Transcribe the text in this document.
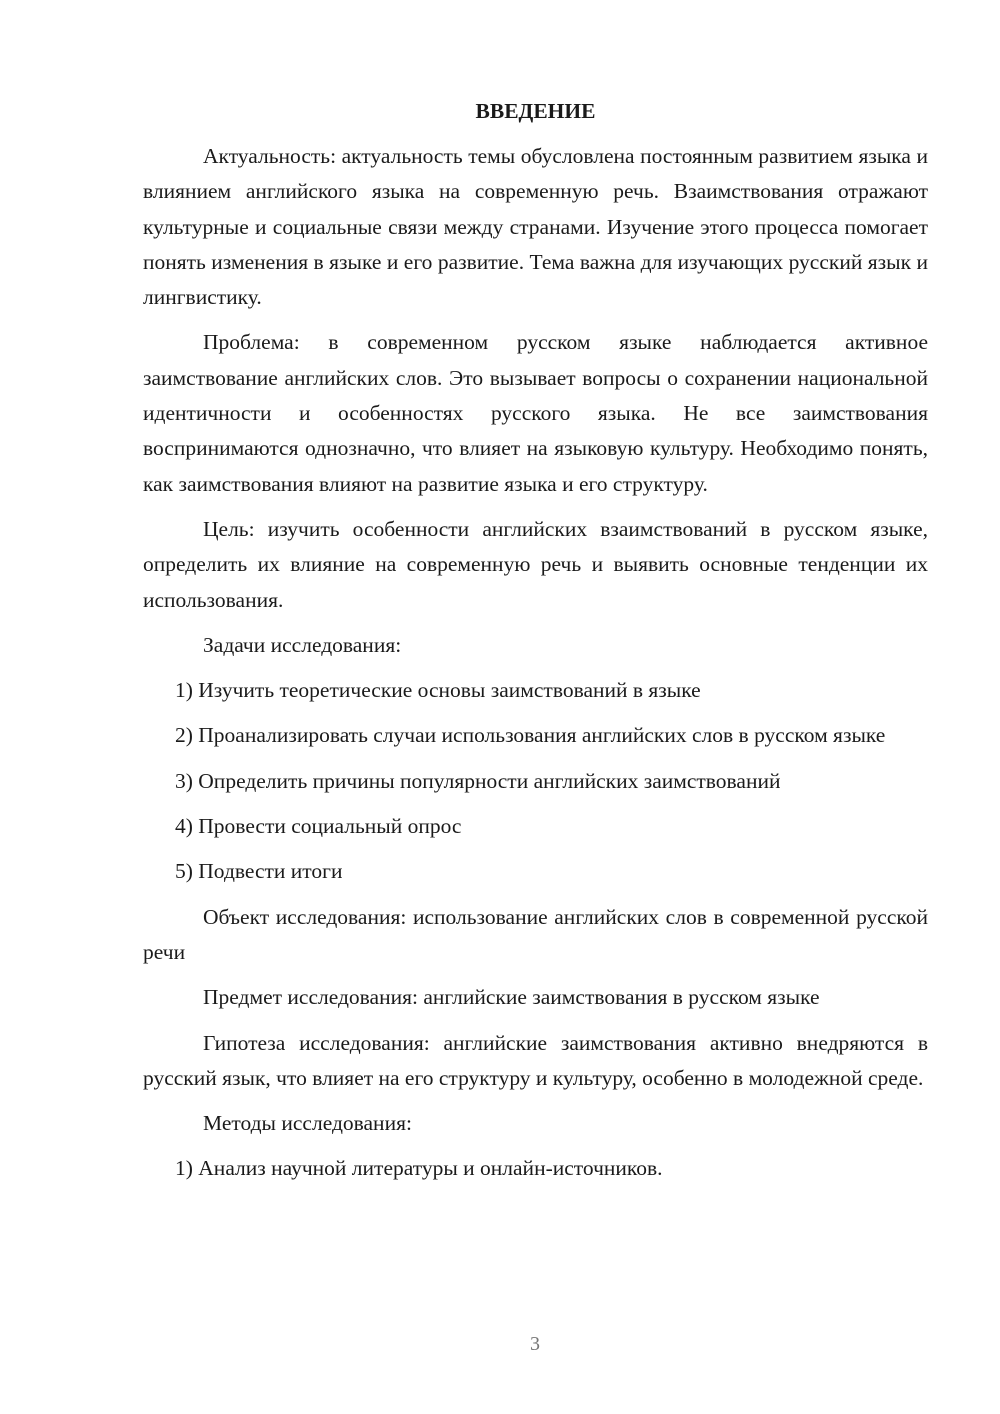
ВВЕДЕНИЕ

Актуальность: актуальность темы обусловлена постоянным развитием языка и влиянием английского языка на современную речь. Взаимствования отражают культурные и социальные связи между странами. Изучение этого процесса помогает понять изменения в языке и его развитие. Тема важна для изучающих русский язык и лингвистику.

Проблема: в современном русском языке наблюдается активное заимствование английских слов. Это вызывает вопросы о сохранении национальной идентичности и особенностях русского языка. Не все заимствования воспринимаются однозначно, что влияет на языковую культуру. Необходимо понять, как заимствования влияют на развитие языка и его структуру.

Цель: изучить особенности английских взаимствований в русском языке, определить их влияние на современную речь и выявить основные тенденции их использования.

Задачи исследования:

1) Изучить теоретические основы заимствований в языке

2) Проанализировать случаи использования английских слов в русском языке

3) Определить причины популярности английских заимствований

4) Провести социальный опрос

5) Подвести итоги

Объект исследования: использование английских слов в современной русской речи

Предмет исследования: английские заимствования в русском языке

Гипотеза исследования: английские заимствования активно внедряются в русский язык, что влияет на его структуру и культуру, особенно в молодежной среде.

Методы исследования:

1) Анализ научной литературы и онлайн-источников.

3
